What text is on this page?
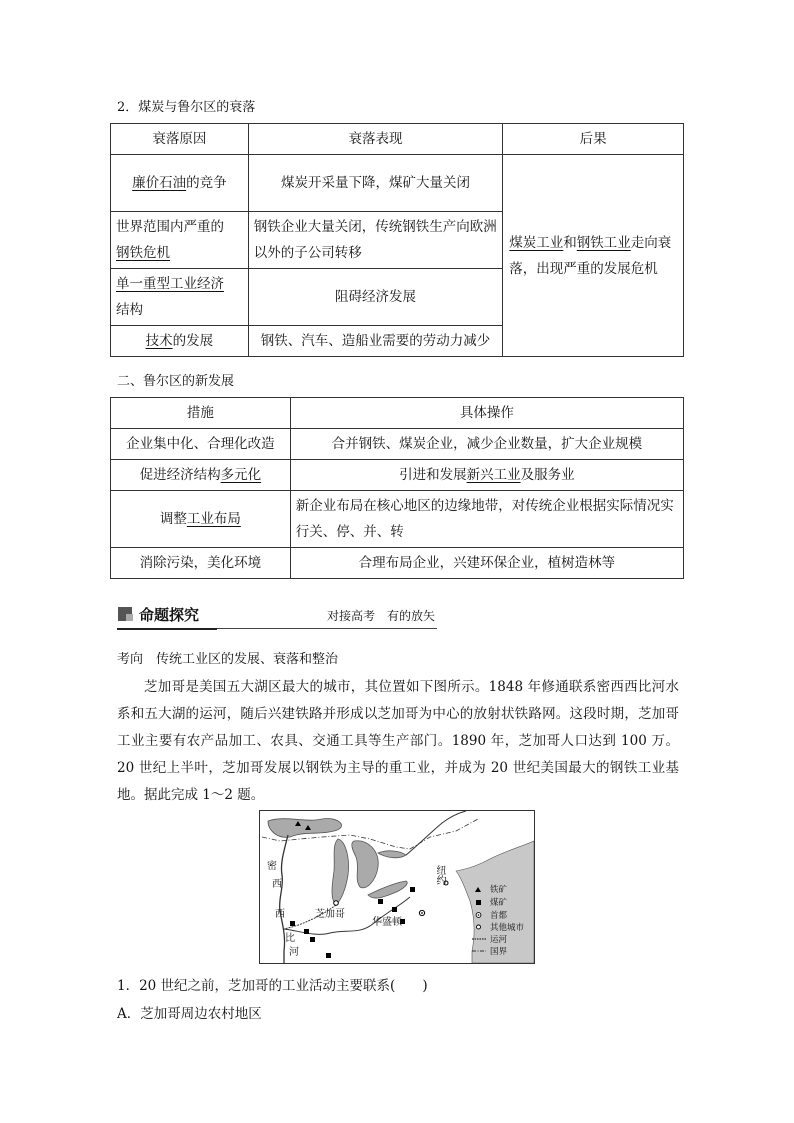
2．煤炭与鲁尔区的衰落
衰落原因	衰落表现	后果
廉价石油的竞争	煤炭开采量下降，煤矿大量关闭	煤炭工业和钢铁工业走向衰落，出现严重的发展危机
世界范围内严重的
钢铁危机	钢铁企业大量关闭，传统钢铁生产向欧洲以外的子公司转移	
单一重型工业经济
结构	阻碍经济发展	
技术的发展	钢铁、汽车、造船业需要的劳动力减少	
二、鲁尔区的新发展
措施	具体操作
企业集中化、合理化改造	合并钢铁、煤炭企业，减少企业数量，扩大企业规模
促进经济结构多元化	引进和发展新兴工业及服务业
调整工业布局	新企业布局在核心地区的边缘地带，对传统企业根据实际情况实行关、停、并、转
消除污染，美化环境	合理布局企业，兴建环保企业，植树造林等
命题探究	对接高考　有的放矢
考向　传统工业区的发展、衰落和整治

芝加哥是美国五大湖区最大的城市，其位置如下图所示。1848 年修通联系密西西比河水系和五大湖的运河，随后兴建铁路并形成以芝加哥为中心的放射状铁路网。这段时期，芝加哥工业主要有农产品加工、农具、交通工具等生产部门。1890 年，芝加哥人口达到 100 万。20 世纪上半叶，芝加哥发展以钢铁为主导的重工业，并成为 20 世纪美国最大的钢铁工业基地。据此完成 1～2 题。

密
西
西
比
河
芝加哥
华盛顿
纽约
铁矿
煤矿
首都
其他城市
运河
国界
1．20 世纪之前，芝加哥的工业活动主要联系(　　)
A．芝加哥周边农村地区
